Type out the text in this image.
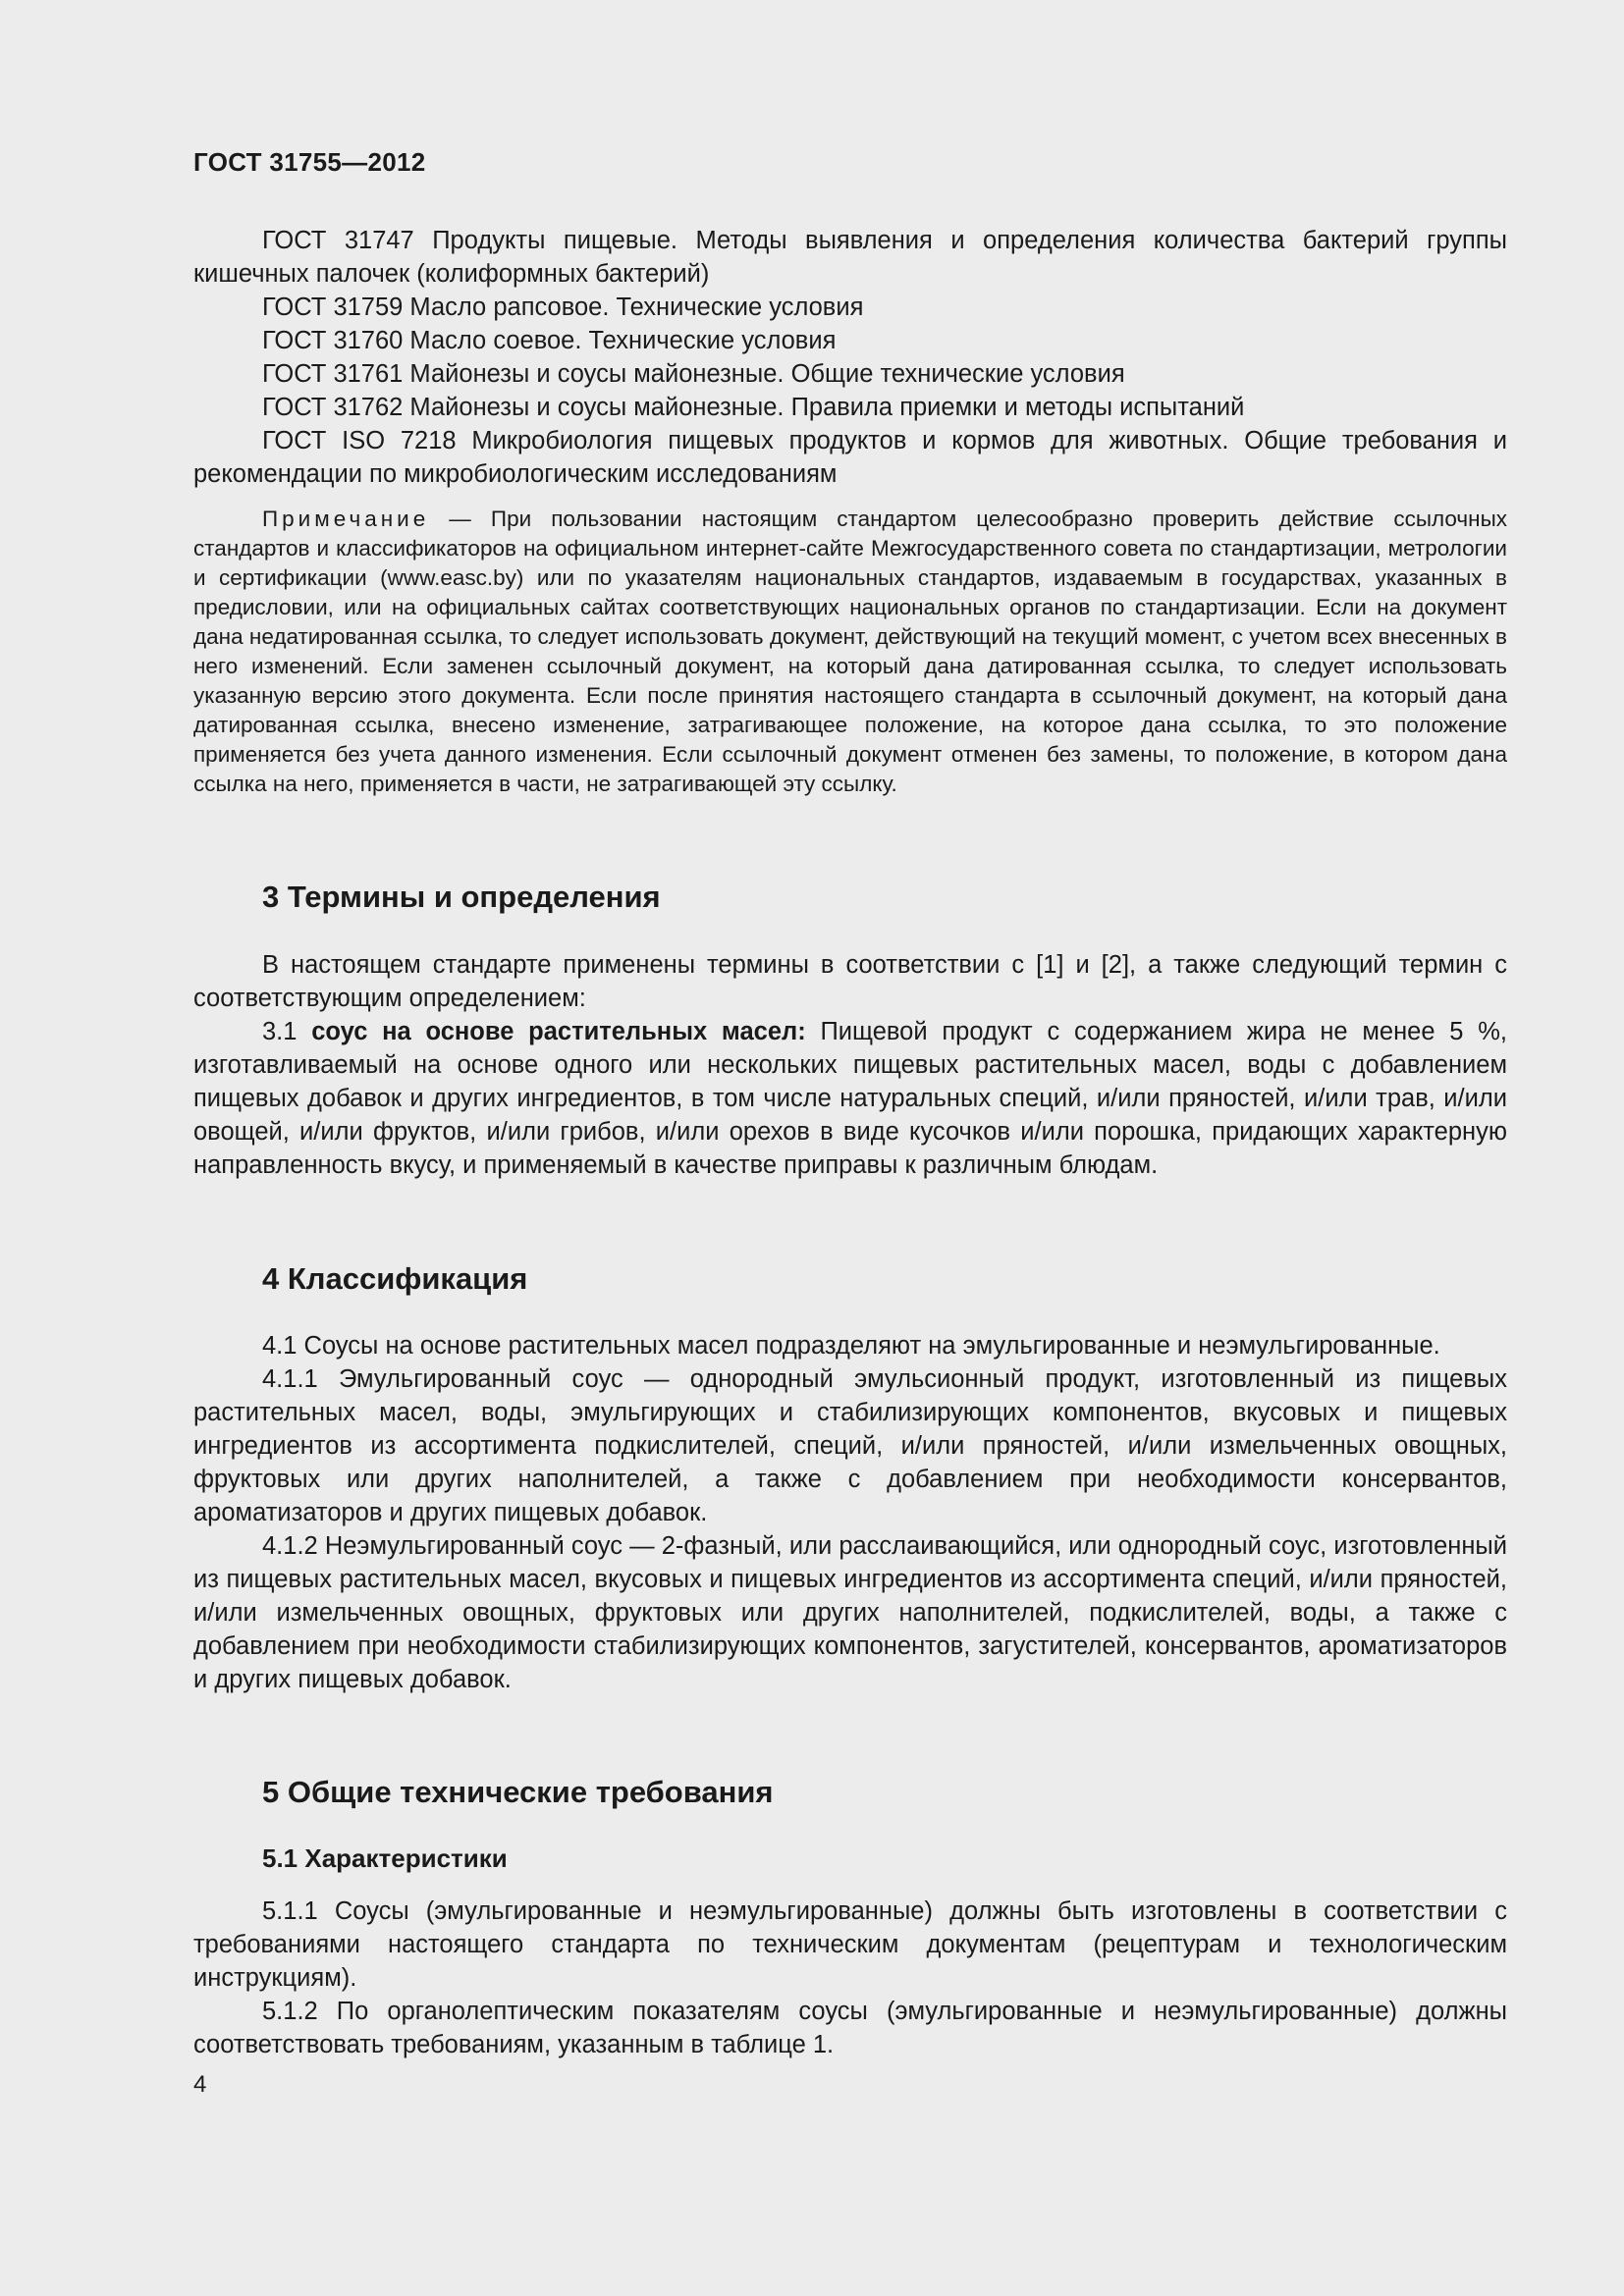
ГОСТ 31755—2012

ГОСТ 31747 Продукты пищевые. Методы выявления и определения количества бактерий группы кишечных палочек (колиформных бактерий)

ГОСТ 31759 Масло рапсовое. Технические условия

ГОСТ 31760 Масло соевое. Технические условия

ГОСТ 31761 Майонезы и соусы майонезные. Общие технические условия

ГОСТ 31762 Майонезы и соусы майонезные. Правила приемки и методы испытаний

ГОСТ ISO 7218 Микробиология пищевых продуктов и кормов для животных. Общие требования и рекомендации по микробиологическим исследованиям

Примечание — При пользовании настоящим стандартом целесообразно проверить действие ссылочных стандартов и классификаторов на официальном интернет-сайте Межгосударственного совета по стандартизации, метрологии и сертификации (www.easc.by) или по указателям национальных стандартов, издаваемым в государствах, указанных в предисловии, или на официальных сайтах соответствующих национальных органов по стандартизации. Если на документ дана недатированная ссылка, то следует использовать документ, действующий на текущий момент, с учетом всех внесенных в него изменений. Если заменен ссылочный документ, на который дана датированная ссылка, то следует использовать указанную версию этого документа. Если после принятия настоящего стандарта в ссылочный документ, на который дана датированная ссылка, внесено изменение, затрагивающее положение, на которое дана ссылка, то это положение применяется без учета данного изменения. Если ссылочный документ отменен без замены, то положение, в котором дана ссылка на него, применяется в части, не затрагивающей эту ссылку.
3 Термины и определения

В настоящем стандарте применены термины в соответствии с [1] и [2], а также следующий термин с соответствующим определением:

3.1 соус на основе растительных масел: Пищевой продукт с содержанием жира не менее 5 %, изготавливаемый на основе одного или нескольких пищевых растительных масел, воды с добавлением пищевых добавок и других ингредиентов, в том числе натуральных специй, и/или пряностей, и/или трав, и/или овощей, и/или фруктов, и/или грибов, и/или орехов в виде кусочков и/или порошка, придающих характерную направленность вкусу, и применяемый в качестве приправы к различным блюдам.

4 Классификация

4.1 Соусы на основе растительных масел подразделяют на эмульгированные и неэмульгированные.

4.1.1 Эмульгированный соус — однородный эмульсионный продукт, изготовленный из пищевых растительных масел, воды, эмульгирующих и стабилизирующих компонентов, вкусовых и пищевых ингредиентов из ассортимента подкислителей, специй, и/или пряностей, и/или измельченных овощных, фруктовых или других наполнителей, а также с добавлением при необходимости консервантов, ароматизаторов и других пищевых добавок.

4.1.2 Неэмульгированный соус — 2-фазный, или расслаивающийся, или однородный соус, изготовленный из пищевых растительных масел, вкусовых и пищевых ингредиентов из ассортимента специй, и/или пряностей, и/или измельченных овощных, фруктовых или других наполнителей, подкислителей, воды, а также с добавлением при необходимости стабилизирующих компонентов, загустителей, консервантов, ароматизаторов и других пищевых добавок.

5 Общие технические требования
5.1 Характеристики

5.1.1 Соусы (эмульгированные и неэмульгированные) должны быть изготовлены в соответствии с требованиями настоящего стандарта по техническим документам (рецептурам и технологическим инструкциям).

5.1.2 По органолептическим показателям соусы (эмульгированные и неэмульгированные) должны соответствовать требованиям, указанным в таблице 1.

4
